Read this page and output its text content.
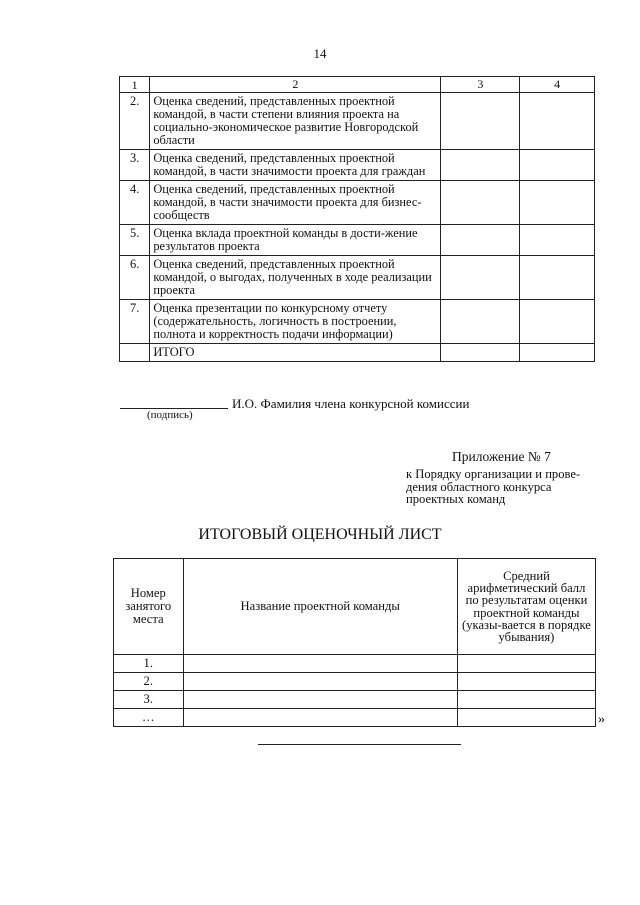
14
1	2	3	4
2.	Оценка сведений, представленных проектной командой, в части степени влияния проекта на социально-экономическое развитие Новгородской области		
3.	Оценка сведений, представленных проектной командой, в части значимости проекта для граждан		
4.	Оценка сведений, представленных проектной командой, в части значимости проекта для бизнес-сообществ		
5.	Оценка вклада проектной команды в дости-жение результатов проекта		
6.	Оценка сведений, представленных проектной командой, о выгодах, полученных в ходе реализации проекта		
7.	Оценка презентации по конкурсному отчету (содержательность, логичность в построении, полнота и корректность подачи информации)		
	ИТОГО		
И.О. Фамилия члена конкурсной комиссии
(подпись)
Приложение № 7
к Порядку организации и прове-дения областного конкурса проектных команд
ИТОГОВЫЙ ОЦЕНОЧНЫЙ ЛИСТ
Номер занятого места	Название проектной команды	Средний арифметический балл по результатам оценки проектной команды (указы-вается в порядке убывания)
1.		
2.		
3.		
…			»
